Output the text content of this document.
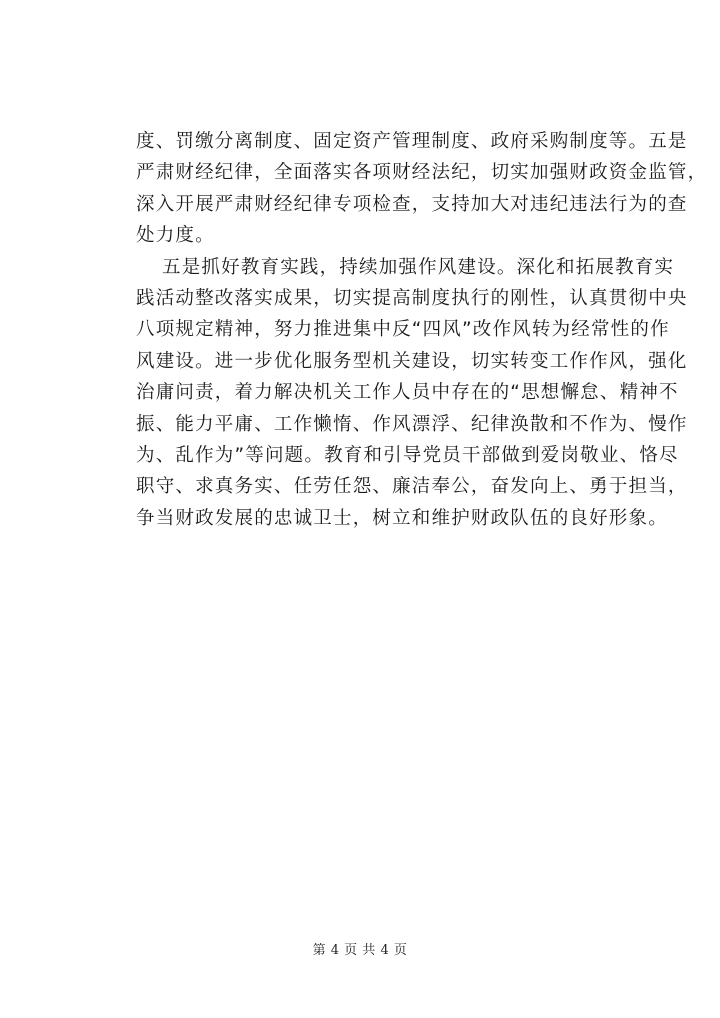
度、罚缴分离制度、固定资产管理制度、政府采购制度等。五是
严肃财经纪律，全面落实各项财经法纪，切实加强财政资金监管，
深入开展严肃财经纪律专项检查，支持加大对违纪违法行为的查
处力度。
五是抓好教育实践，持续加强作风建设。深化和拓展教育实
践活动整改落实成果，切实提高制度执行的刚性，认真贯彻中央
八项规定精神，努力推进集中反“四风”改作风转为经常性的作
风建设。进一步优化服务型机关建设，切实转变工作作风，强化
治庸问责，着力解决机关工作人员中存在的“思想懈怠、精神不
振、能力平庸、工作懒惰、作风漂浮、纪律涣散和不作为、慢作
为、乱作为”等问题。教育和引导党员干部做到爱岗敬业、恪尽
职守、求真务实、任劳任怨、廉洁奉公，奋发向上、勇于担当，
争当财政发展的忠诚卫士，树立和维护财政队伍的良好形象。
第 4 页 共 4 页
